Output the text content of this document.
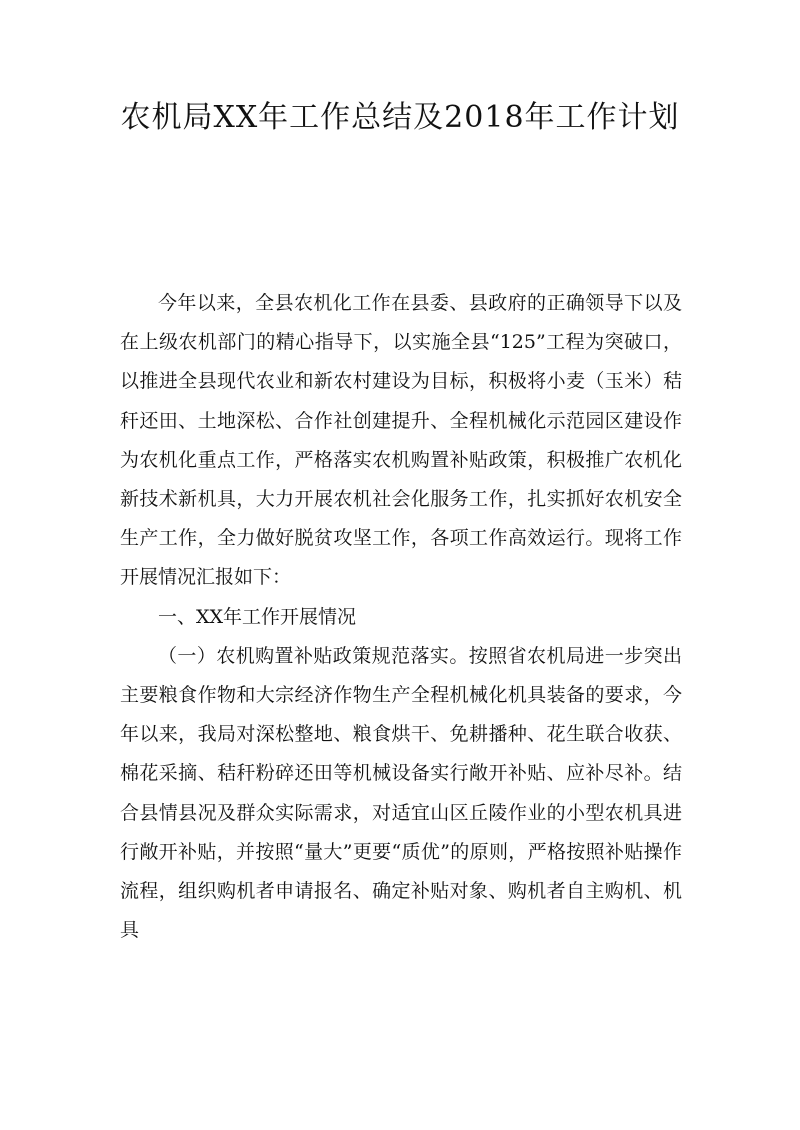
农机局XX年工作总结及2018年工作计划

今年以来，全县农机化工作在县委、县政府的正确领导下以及在上级农机部门的精心指导下，以实施全县“125”工程为突破口，以推进全县现代农业和新农村建设为目标，积极将小麦（玉米）秸秆还田、土地深松、合作社创建提升、全程机械化示范园区建设作为农机化重点工作，严格落实农机购置补贴政策，积极推广农机化新技术新机具，大力开展农机社会化服务工作，扎实抓好农机安全生产工作，全力做好脱贫攻坚工作，各项工作高效运行。现将工作开展情况汇报如下：

一、XX年工作开展情况

（一）农机购置补贴政策规范落实。按照省农机局进一步突出主要粮食作物和大宗经济作物生产全程机械化机具装备的要求，今年以来，我局对深松整地、粮食烘干、免耕播种、花生联合收获、棉花采摘、秸秆粉碎还田等机械设备实行敞开补贴、应补尽补。结合县情县况及群众实际需求，对适宜山区丘陵作业的小型农机具进行敞开补贴，并按照“量大”更要“质优”的原则，严格按照补贴操作流程，组织购机者申请报名、确定补贴对象、购机者自主购机、机具
